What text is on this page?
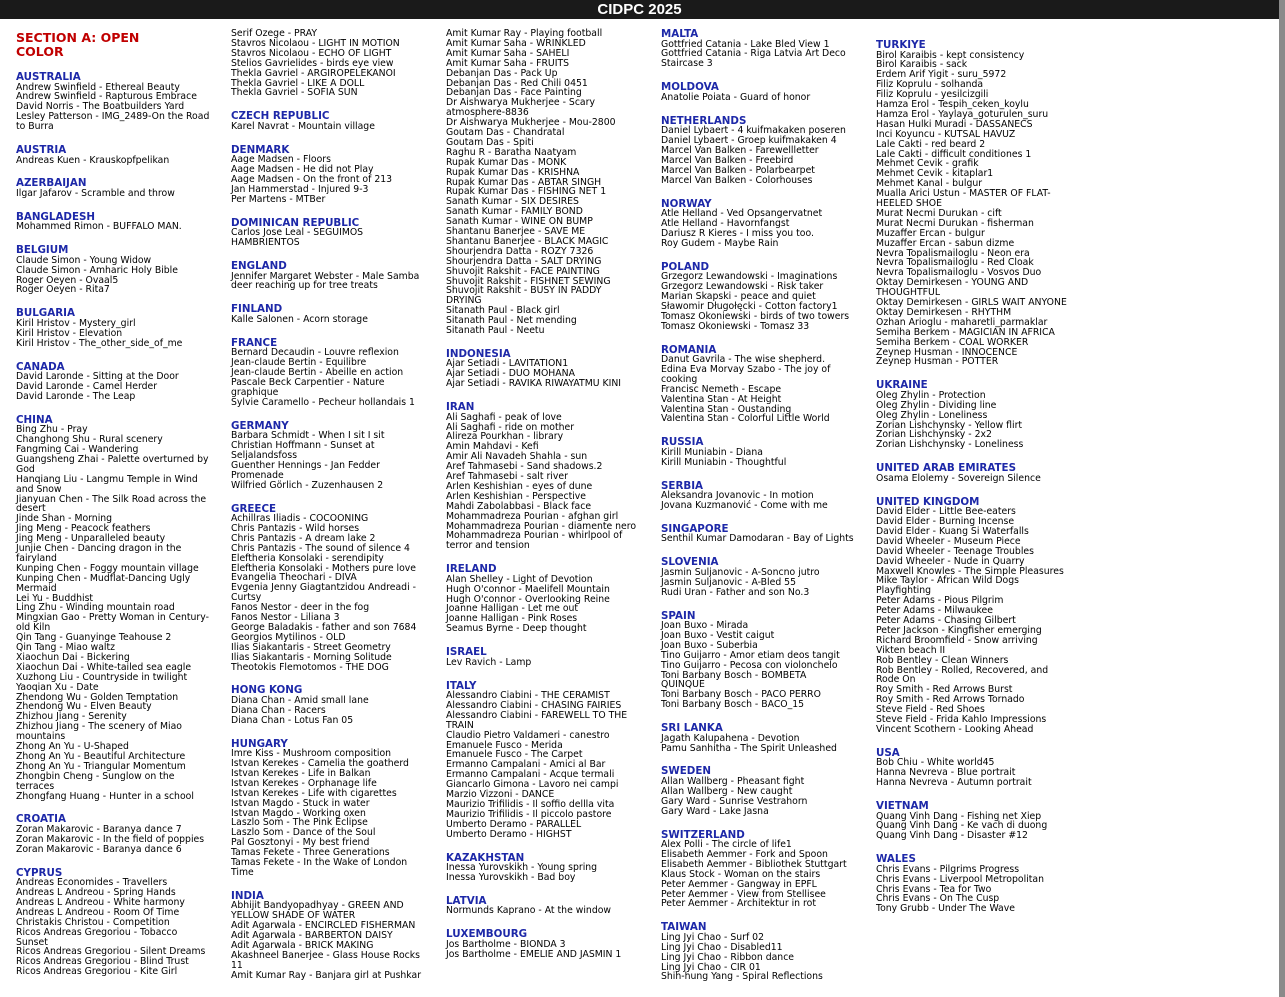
CIDPC 2025
SECTION A: OPEN COLOR
AUSTRALIA
Andrew Swinfield - Ethereal Beauty
Andrew Swinfield - Rapturous Embrace
David Norris - The Boatbuilders Yard
Lesley Patterson - IMG_2489-On the Road
to Burra
AUSTRIA
Andreas Kuen - Krauskopfpelikan
AZERBAIJAN
Ilgar Jafarov - Scramble and throw
BANGLADESH
Mohammed Rimon - BUFFALO MAN.
BELGIUM
Claude Simon - Young Widow
Claude Simon - Amharic Holy Bible
Roger Oeyen - Ovaal5
Roger Oeyen - Rita7
BULGARIA
Kiril Hristov - Mystery_girl
Kiril Hristov - Elevation
Kiril Hristov - The_other_side_of_me
CANADA
David Laronde - Sitting at the Door
David Laronde - Camel Herder
David Laronde - The Leap
CHINA
Bing Zhu - Pray
Changhong Shu - Rural scenery
Fangming Cai - Wandering
Guangsheng Zhai - Palette overturned by
God
Hanqiang Liu - Langmu Temple in Wind
and Snow
Jianyuan Chen - The Silk Road across the
desert
Jinde Shan - Morning
Jing Meng - Peacock feathers
Jing Meng - Unparalleled beauty
Junjie Chen - Dancing dragon in the
fairyland
Kunping Chen - Foggy mountain village
Kunping Chen - Mudflat-Dancing Ugly
Mermaid
Lei Yu - Buddhist
Ling Zhu - Winding mountain road
Mingxian Gao - Pretty Woman in Century-
old Kiln
Qin Tang - Guanyinge Teahouse 2
Qin Tang - Miao waltz
Xiaochun Dai - Bickering
Xiaochun Dai - White-tailed sea eagle
Xuzhong Liu - Countryside in twilight
Yaoqian Xu - Date
Zhendong Wu - Golden Temptation
Zhendong Wu - Elven Beauty
Zhizhou Jiang - Serenity
Zhizhou Jiang - The scenery of Miao
mountains
Zhong An Yu - U-Shaped
Zhong An Yu - Beautiful Architecture
Zhong An Yu - Triangular Momentum
Zhongbin Cheng - Sunglow on the
terraces
Zhongfang Huang - Hunter in a school
CROATIA
Zoran Makarovic - Baranya dance 7
Zoran Makarovic - In the field of poppies
Zoran Makarovic - Baranya dance 6
CYPRUS
Andreas Economides - Travellers
Andreas L Andreou - Spring Hands
Andreas L Andreou - White harmony
Andreas L Andreou - Room Of Time
Christakis Christou - Competition
Ricos Andreas Gregoriou - Tobacco
Sunset
Ricos Andreas Gregoriou - Silent Dreams
Ricos Andreas Gregoriou - Blind Trust
Ricos Andreas Gregoriou - Kite Girl
Serif Ozege - PRAY
Stavros Nicolaou - LIGHT IN MOTION
Stavros Nicolaou - ECHO OF LIGHT
Stelios Gavrielides - birds eye view
Thekla Gavriel - ARGIROPELEKANOI
Thekla Gavriel - LIKE A DOLL
Thekla Gavriel - SOFIA SUN
CZECH REPUBLIC
Karel Navrat - Mountain village
DENMARK
Aage Madsen - Floors
Aage Madsen - He did not Play
Aage Madsen - On the front of 213
Jan Hammerstad - Injured 9-3
Per Martens - MTBer
DOMINICAN REPUBLIC
Carlos Jose Leal - SEGUIMOS
HAMBRIENTOS
ENGLAND
Jennifer Margaret Webster - Male Samba
deer reaching up for tree treats
FINLAND
Kalle Salonen - Acorn storage
FRANCE
Bernard Decaudin - Louvre reflexion
Jean-claude Bertin - Equilibre
Jean-claude Bertin - Abeille en action
Pascale Beck Carpentier - Nature
graphique
Sylvie Caramello - Pecheur hollandais 1
GERMANY
Barbara Schmidt - When I sit I sit
Christian Hoffmann - Sunset at
Seljalandsfoss
Guenther Hennings - Jan Fedder
Promenade
Wilfried Görlich - Zuzenhausen 2
GREECE
Achillras Iliadis - COCOONING
Chris Pantazis - Wild horses
Chris Pantazis - A dream lake 2
Chris Pantazis - The sound of silence 4
Eleftheria Konsolaki - serendipity
Eleftheria Konsolaki - Mothers pure love
Evangelia Theochari - DIVA
Evgenia Jenny Giagtantzidou Andreadi -
Curtsy
Fanos Nestor - deer in the fog
Fanos Nestor - Liliana 3
George Baladakis - father and son 7684
Georgios Mytilinos - OLD
Ilias Siakantaris - Street Geometry
Ilias Siakantaris - Morning Solitude
Theotokis Flemotomos - THE DOG
HONG KONG
Diana Chan - Amid small lane
Diana Chan - Racers
Diana Chan - Lotus Fan 05
HUNGARY
Imre Kiss - Mushroom composition
Istvan Kerekes - Camelia the goatherd
Istvan Kerekes - Life in Balkan
Istvan Kerekes - Orphanage life
Istvan Kerekes - Life with cigarettes
Istvan Magdo - Stuck in water
Istvan Magdo - Working oxen
Laszlo Som - The Pink Eclipse
Laszlo Som - Dance of the Soul
Pal Gosztonyi - My best friend
Tamas Fekete - Three Generations
Tamas Fekete - In the Wake of London
Time
INDIA
Abhijit Bandyopadhyay - GREEN AND
YELLOW SHADE OF WATER
Adit Agarwala - ENCIRCLED FISHERMAN
Adit Agarwala - BARBERTON DAISY
Adit Agarwala - BRICK MAKING
Akashneel Banerjee - Glass House Rocks
11
Amit Kumar Ray - Banjara girl at Pushkar
Amit Kumar Ray - Playing football
Amit Kumar Saha - WRINKLED
Amit Kumar Saha - SAHELI
Amit Kumar Saha - FRUITS
Debanjan Das - Pack Up
Debanjan Das - Red Chili 0451
Debanjan Das - Face Painting
Dr Aishwarya Mukherjee - Scary
atmosphere-8836
Dr Aishwarya Mukherjee - Mou-2800
Goutam Das - Chandratal
Goutam Das - Spiti
Raghu R - Baratha Naatyam
Rupak Kumar Das - MONK
Rupak Kumar Das - KRISHNA
Rupak Kumar Das - ABTAR SINGH
Rupak Kumar Das - FISHING NET 1
Sanath Kumar - SIX DESIRES
Sanath Kumar - FAMILY BOND
Sanath Kumar - WINE ON BUMP
Shantanu Banerjee - SAVE ME
Shantanu Banerjee - BLACK MAGIC
Shourjendra Datta - ROZY 7326
Shourjendra Datta - SALT DRYING
Shuvojit Rakshit - FACE PAINTING
Shuvojit Rakshit - FISHNET SEWING
Shuvojit Rakshit - BUSY IN PADDY
DRYING
Sitanath Paul - Black girl
Sitanath Paul - Net mending
Sitanath Paul - Neetu
INDONESIA
Ajar Setiadi - LAVITATION1
Ajar Setiadi - DUO MOHANA
Ajar Setiadi - RAVIKA RIWAYATMU KINI
IRAN
Ali Saghafi - peak of love
Ali Saghafi - ride on mother
Alireza Pourkhan - library
Amin Mahdavi - Kefi
Amir Ali Navadeh Shahla - sun
Aref Tahmasebi - Sand shadows.2
Aref Tahmasebi - salt river
Arlen Keshishian - eyes of dune
Arlen Keshishian - Perspective
Mahdi Zabolabbasi - Black face
Mohammadreza Pourian - afghan girl
Mohammadreza Pourian - diamente nero
Mohammadreza Pourian - whirlpool of
terror and tension
IRELAND
Alan Shelley - Light of Devotion
Hugh O'connor - Maelifell Mountain
Hugh O'connor - Overlooking Reine
Joanne Halligan - Let me out
Joanne Halligan - Pink Roses
Seamus Byrne - Deep thought
ISRAEL
Lev Ravich - Lamp
ITALY
Alessandro Ciabini - THE CERAMIST
Alessandro Ciabini - CHASING FAIRIES
Alessandro Ciabini - FAREWELL TO THE
TRAIN
Claudio Pietro Valdameri - canestro
Emanuele Fusco - Merida
Emanuele Fusco - The Carpet
Ermanno Campalani - Amici al Bar
Ermanno Campalani - Acque termali
Giancarlo Gimona - Lavoro nei campi
Marzio Vizzoni - DANCE
Maurizio Trifilidis - Il soffio dellla vita
Maurizio Trifilidis - Il piccolo pastore
Umberto Deramo - PARALLEL
Umberto Deramo - HIGHST
KAZAKHSTAN
Inessa Yurovskikh - Young spring
Inessa Yurovskikh - Bad boy
LATVIA
Normunds Kaprano - At the window
LUXEMBOURG
Jos Bartholme - BIONDA 3
Jos Bartholme - EMELIE AND JASMIN 1
MALTA
Gottfried Catania - Lake Bled View 1
Gottfried Catania - Riga Latvia Art Deco
Staircase 3
MOLDOVA
Anatolie Poiata - Guard of honor
NETHERLANDS
Daniel Lybaert - 4 kuifmakaken poseren
Daniel Lybaert - Groep kuifmakaken 4
Marcel Van Balken - Farewellletter
Marcel Van Balken - Freebird
Marcel Van Balken - Polarbearpet
Marcel Van Balken - Colorhouses
NORWAY
Atle Helland - Ved Opsangervatnet
Atle Helland - Havornfangst
Dariusz R Kieres - I miss you too.
Roy Gudem - Maybe Rain
POLAND
Grzegorz Lewandowski - Imaginations
Grzegorz Lewandowski - Risk taker
Marian Skapski - peace and quiet
Sławomir Długołęcki - Cotton factory1
Tomasz Okoniewski - birds of two towers
Tomasz Okoniewski - Tomasz 33
ROMANIA
Danut Gavrila - The wise shepherd.
Edina Eva Morvay Szabo - The joy of
cooking
Francisc Nemeth - Escape
Valentina Stan - At Height
Valentina Stan - Oustanding
Valentina Stan - Colorful Little World
RUSSIA
Kirill Muniabin - Diana
Kirill Muniabin - Thoughtful
SERBIA
Aleksandra Jovanovic - In motion
Jovana Kuzmanović - Come with me
SINGAPORE
Senthil Kumar Damodaran - Bay of Lights
SLOVENIA
Jasmin Suljanovic - A-Soncno jutro
Jasmin Suljanovic - A-Bled 55
Rudi Uran - Father and son No.3
SPAIN
Joan Buxo - Mirada
Joan Buxo - Vestit caigut
Joan Buxo - Suberbia
Tino Guijarro - Amor etiam deos tangit
Tino Guijarro - Pecosa con violonchelo
Toni Barbany Bosch - BOMBETA
QUINQUE
Toni Barbany Bosch - PACO PERRO
Toni Barbany Bosch - BACO_15
SRI LANKA
Jagath Kalupahena - Devotion
Pamu Sanhitha - The Spirit Unleashed
SWEDEN
Allan Wallberg - Pheasant fight
Allan Wallberg - New caught
Gary Ward - Sunrise Vestrahorn
Gary Ward - Lake Jasna
SWITZERLAND
Alex Polli - The circle of life1
Elisabeth Aemmer - Fork and Spoon
Elisabeth Aemmer - Bibliothek Stuttgart
Klaus Stock - Woman on the stairs
Peter Aemmer - Gangway in EPFL
Peter Aemmer - View from Stellisee
Peter Aemmer - Architektur in rot
TAIWAN
Ling Jyi Chao - Surf 02
Ling Jyi Chao - Disabled11
Ling Jyi Chao - Ribbon dance
Ling Jyi Chao - CIR 01
Shih-hung Yang - Spiral Reflections
TURKIYE
Birol Karaibis - kept consistency
Birol Karaibis - sack
Erdem Arif Yigit - suru_5972
Filiz Koprulu - solhanda
Filiz Koprulu - yesilcizgili
Hamza Erol - Tespih_ceken_koylu
Hamza Erol - Yaylaya_goturulen_suru
Hasan Hulki Muradi - DASSANECS
Inci Koyuncu - KUTSAL HAVUZ
Lale Cakti - red beard 2
Lale Cakti - difficult conditiones 1
Mehmet Cevik - grafik
Mehmet Cevik - kitaplar1
Mehmet Kanal - bulgur
Mualla Arici Ustun - MASTER OF FLAT-
HEELED SHOE
Murat Necmi Durukan - cift
Murat Necmi Durukan - fisherman
Muzaffer Ercan - bulgur
Muzaffer Ercan - sabun dizme
Nevra Topalismailoglu - Neon era
Nevra Topalismailoglu - Red Cloak
Nevra Topalismailoglu - Vosvos Duo
Oktay Demirkesen - YOUNG AND
THOUGHTFUL
Oktay Demirkesen - GIRLS WAIT ANYONE
Oktay Demirkesen - RHYTHM
Ozhan Arioglu - maharetli_parmaklar
Semiha Berkem - MAGICIAN IN AFRICA
Semiha Berkem - COAL WORKER
Zeynep Husman - INNOCENCE
Zeynep Husman - POTTER
UKRAINE
Oleg Zhylin - Protection
Oleg Zhylin - Dividing line
Oleg Zhylin - Loneliness
Zorian Lishchynsky - Yellow flirt
Zorian Lishchynsky - 2x2
Zorian Lishchynsky - Loneliness
UNITED ARAB EMIRATES
Osama Elolemy - Sovereign Silence
UNITED KINGDOM
David Elder - Little Bee-eaters
David Elder - Burning Incense
David Elder - Kuang Si Waterfalls
David Wheeler - Museum Piece
David Wheeler - Teenage Troubles
David Wheeler - Nude in Quarry
Maxwell Knowles - The Simple Pleasures
Mike Taylor - African Wild Dogs
Playfighting
Peter Adams - Pious Pilgrim
Peter Adams - Milwaukee
Peter Adams - Chasing Gilbert
Peter Jackson - Kingfisher emerging
Richard Broomfield - Snow arriving
Vikten beach II
Rob Bentley - Clean Winners
Rob Bentley - Rolled, Recovered, and
Rode On
Roy Smith - Red Arrows Burst
Roy Smith - Red Arrows Tornado
Steve Field - Red Shoes
Steve Field - Frida Kahlo Impressions
Vincent Scothern - Looking Ahead
USA
Bob Chiu - White world45
Hanna Nevreva - Blue portrait
Hanna Nevreva - Autumn portrait
VIETNAM
Quang Vinh Dang - Fishing net Xiep
Quang Vinh Dang - Ke vach di duong
Quang Vinh Dang - Disaster #12
WALES
Chris Evans - Pilgrims Progress
Chris Evans - Liverpool Metropolitan
Chris Evans - Tea for Two
Chris Evans - On The Cusp
Tony Grubb - Under The Wave
